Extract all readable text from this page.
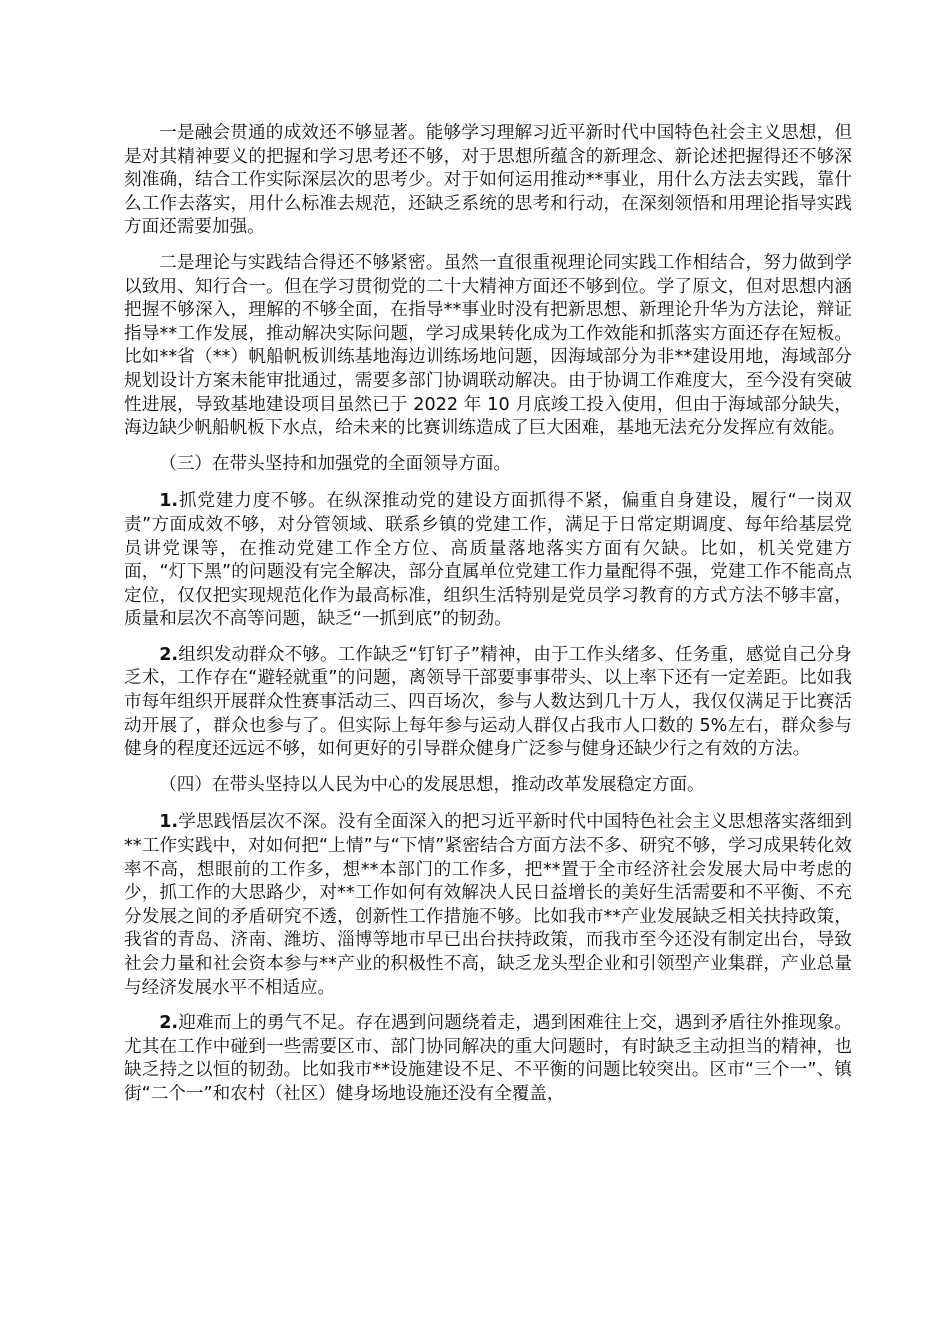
一是融会贯通的成效还不够显著。能够学习理解习近平新时代中国特色社会主义思想，但是对其精神要义的把握和学习思考还不够，对于思想所蕴含的新理念、新论述把握得还不够深刻准确，结合工作实际深层次的思考少。对于如何运用推动**事业，用什么方法去实践，靠什么工作去落实，用什么标准去规范，还缺乏系统的思考和行动，在深刻领悟和用理论指导实践方面还需要加强。

二是理论与实践结合得还不够紧密。虽然一直很重视理论同实践工作相结合，努力做到学以致用、知行合一。但在学习贯彻党的二十大精神方面还不够到位。学了原文，但对思想内涵把握不够深入，理解的不够全面，在指导**事业时没有把新思想、新理论升华为方法论，辩证指导**工作发展，推动解决实际问题，学习成果转化成为工作效能和抓落实方面还存在短板。比如**省（**）帆船帆板训练基地海边训练场地问题，因海域部分为非**建设用地，海域部分规划设计方案未能审批通过，需要多部门协调联动解决。由于协调工作难度大，至今没有突破性进展，导致基地建设项目虽然已于 2022 年 10 月底竣工投入使用，但由于海域部分缺失，海边缺少帆船帆板下水点，给未来的比赛训练造成了巨大困难，基地无法充分发挥应有效能。

（三）在带头坚持和加强党的全面领导方面。

1.抓党建力度不够。在纵深推动党的建设方面抓得不紧，偏重自身建设，履行“一岗双责”方面成效不够，对分管领域、联系乡镇的党建工作，满足于日常定期调度、每年给基层党员讲党课等，在推动党建工作全方位、高质量落地落实方面有欠缺。比如，机关党建方面，“灯下黑”的问题没有完全解决，部分直属单位党建工作力量配得不强，党建工作不能高点定位，仅仅把实现规范化作为最高标准，组织生活特别是党员学习教育的方式方法不够丰富，质量和层次不高等问题，缺乏“一抓到底”的韧劲。

2.组织发动群众不够。工作缺乏“钉钉子”精神，由于工作头绪多、任务重，感觉自己分身乏术，工作存在“避轻就重”的问题，离领导干部要事事带头、以上率下还有一定差距。比如我市每年组织开展群众性赛事活动三、四百场次，参与人数达到几十万人，我仅仅满足于比赛活动开展了，群众也参与了。但实际上每年参与运动人群仅占我市人口数的 5%左右，群众参与健身的程度还远远不够，如何更好的引导群众健身广泛参与健身还缺少行之有效的方法。

（四）在带头坚持以人民为中心的发展思想，推动改革发展稳定方面。

1.学思践悟层次不深。没有全面深入的把习近平新时代中国特色社会主义思想落实落细到**工作实践中，对如何把“上情”与“下情”紧密结合方面方法不多、研究不够，学习成果转化效率不高，想眼前的工作多，想**本部门的工作多，把**置于全市经济社会发展大局中考虑的少，抓工作的大思路少，对**工作如何有效解决人民日益增长的美好生活需要和不平衡、不充分发展之间的矛盾研究不透，创新性工作措施不够。比如我市**产业发展缺乏相关扶持政策，我省的青岛、济南、潍坊、淄博等地市早已出台扶持政策，而我市至今还没有制定出台，导致社会力量和社会资本参与**产业的积极性不高，缺乏龙头型企业和引领型产业集群，产业总量与经济发展水平不相适应。

2.迎难而上的勇气不足。存在遇到问题绕着走，遇到困难往上交，遇到矛盾往外推现象。尤其在工作中碰到一些需要区市、部门协同解决的重大问题时，有时缺乏主动担当的精神，也缺乏持之以恒的韧劲。比如我市**设施建设不足、不平衡的问题比较突出。区市“三个一”、镇街“二个一”和农村（社区）健身场地设施还没有全覆盖，
